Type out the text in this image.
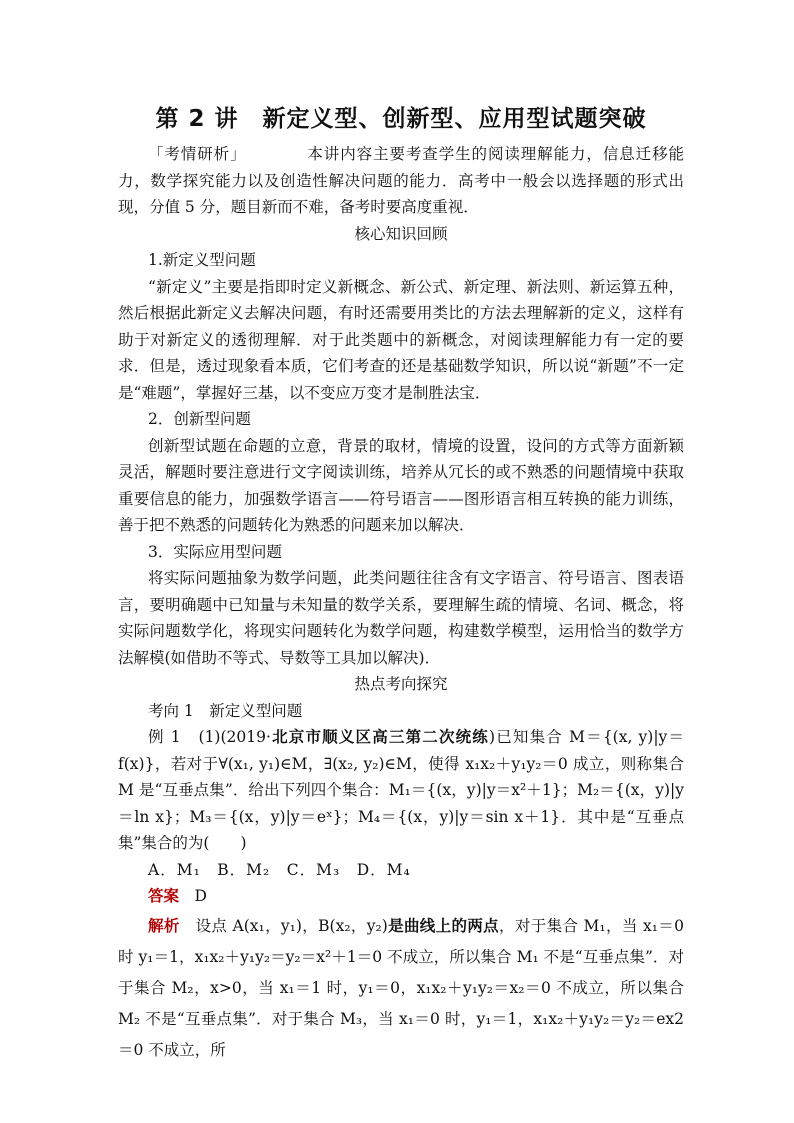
第 2 讲　新定义型、创新型、应用型试题突破

「考情研析」	本讲内容主要考查学生的阅读理解能力，信息迁移能力，数学探究能力以及创造性解决问题的能力．高考中一般会以选择题的形式出现，分值 5 分，题目新而不难，备考时要高度重视．

核心知识回顾

1.新定义型问题

“新定义”主要是指即时定义新概念、新公式、新定理、新法则、新运算五种，然后根据此新定义去解决问题，有时还需要用类比的方法去理解新的定义，这样有助于对新定义的透彻理解．对于此类题中的新概念，对阅读理解能力有一定的要求．但是，透过现象看本质，它们考查的还是基础数学知识，所以说“新题”不一定是“难题”，掌握好三基，以不变应万变才是制胜法宝．

2．创新型问题

创新型试题在命题的立意，背景的取材，情境的设置，设问的方式等方面新颖灵活，解题时要注意进行文字阅读训练，培养从冗长的或不熟悉的问题情境中获取重要信息的能力，加强数学语言——符号语言——图形语言相互转换的能力训练，善于把不熟悉的问题转化为熟悉的问题来加以解决．

3．实际应用型问题

将实际问题抽象为数学问题，此类问题往往含有文字语言、符号语言、图表语言，要明确题中已知量与未知量的数学关系，要理解生疏的情境、名词、概念，将实际问题数学化，将现实问题转化为数学问题，构建数学模型，运用恰当的数学方法解模(如借助不等式、导数等工具加以解决)．

热点考向探究

考向 1　新定义型问题

例 1　(1)(2019·北京市顺义区高三第二次统练)已知集合 M＝{(x, y)|y＝f(x)}，若对于∀(x₁, y₁)∈M，∃(x₂, y₂)∈M，使得 x₁x₂＋y₁y₂＝0 成立，则称集合 M 是“互垂点集”．给出下列四个集合：M₁＝{(x，y)|y＝x²＋1}；M₂＝{(x，y)|y＝ln x}；M₃＝{(x，y)|y＝eˣ}；M₄＝{(x，y)|y＝sin x＋1}．其中是“互垂点集”集合的为(　　)

A．M₁　B．M₂　C．M₃　D．M₄

答案　 D

解析　 设点 A(x₁，y₁)，B(x₂，y₂)是曲线上的两点，对于集合 M₁，当 x₁＝0 时 y₁＝1，x₁x₂＋y₁y₂＝y₂＝x²＋1＝0 不成立，所以集合 M₁ 不是“互垂点集”．对于集合 M₂，x>0，当 x₁＝1 时，y₁＝0，x₁x₂＋y₁y₂＝x₂＝0 不成立，所以集合 M₂ 不是“互垂点集”．对于集合 M₃，当 x₁＝0 时，y₁＝1，x₁x₂＋y₁y₂＝y₂＝ex2＝0 不成立，所
